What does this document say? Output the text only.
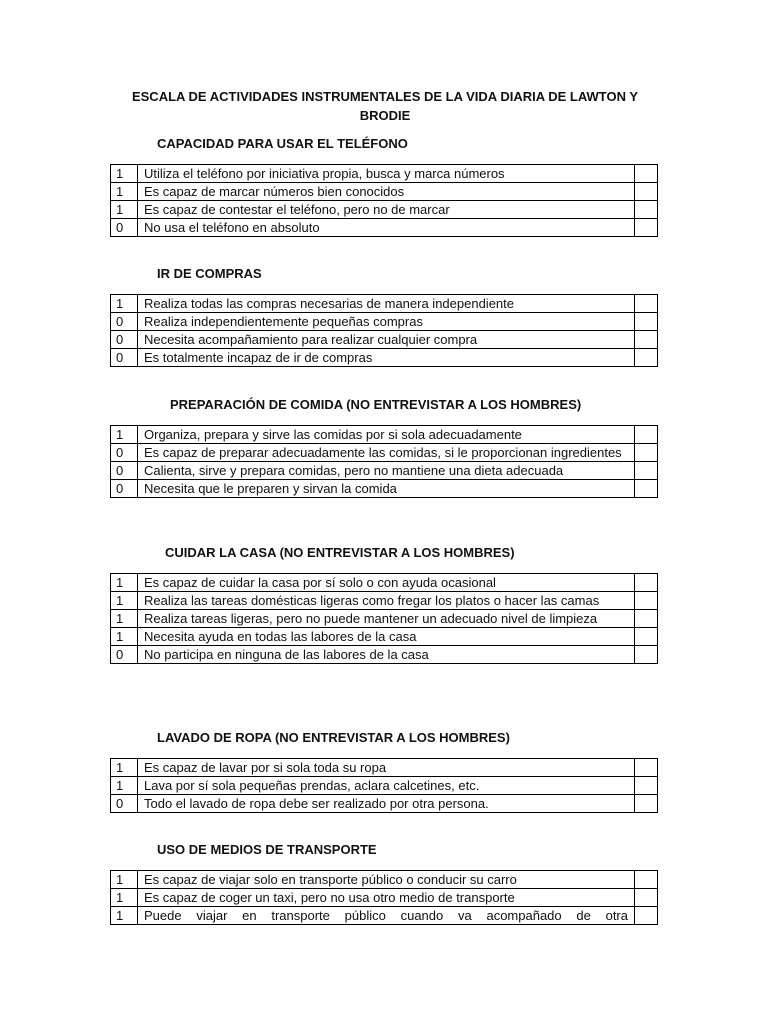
ESCALA DE ACTIVIDADES INSTRUMENTALES DE LA VIDA DIARIA DE LAWTON Y BRODIE
CAPACIDAD PARA USAR EL TELÉFONO
1	Utiliza el teléfono por iniciativa propia, busca y marca números	
1	Es capaz de marcar números bien conocidos	
1	Es capaz de contestar el teléfono, pero no de marcar	
0	No usa el teléfono en absoluto	
IR DE COMPRAS
1	Realiza todas las compras necesarias de manera independiente	
0	Realiza independientemente pequeñas compras	
0	Necesita acompañamiento para realizar cualquier compra	
0	Es totalmente incapaz de ir de compras	
PREPARACIÓN DE COMIDA (NO ENTREVISTAR A LOS HOMBRES)
1	Organiza, prepara y sirve las comidas por si sola adecuadamente	
0	Es capaz de preparar adecuadamente las comidas, si le proporcionan ingredientes	
0	Calienta, sirve y prepara comidas, pero no mantiene una dieta adecuada	
0	Necesita que le preparen y sirvan la comida	
CUIDAR LA CASA (NO ENTREVISTAR A LOS HOMBRES)
1	Es capaz de cuidar la casa por sí solo o con ayuda ocasional	
1	Realiza las tareas domésticas ligeras como fregar los platos o hacer las camas	
1	Realiza tareas ligeras, pero no puede mantener un adecuado nivel de limpieza	
1	Necesita ayuda en todas las labores de la casa	
0	No participa en ninguna de las labores de la casa	
LAVADO DE ROPA (NO ENTREVISTAR A LOS HOMBRES)
1	Es capaz de lavar por si sola toda su ropa	
1	Lava por sí sola pequeñas prendas, aclara calcetines, etc.	
0	Todo el lavado de ropa debe ser realizado por otra persona.	
USO DE MEDIOS DE TRANSPORTE
1	Es capaz de viajar solo en transporte público o conducir su carro	
1	Es capaz de coger un taxi, pero no usa otro medio de transporte	
1	Puede viajar en transporte público cuando va acompañado de otra	
